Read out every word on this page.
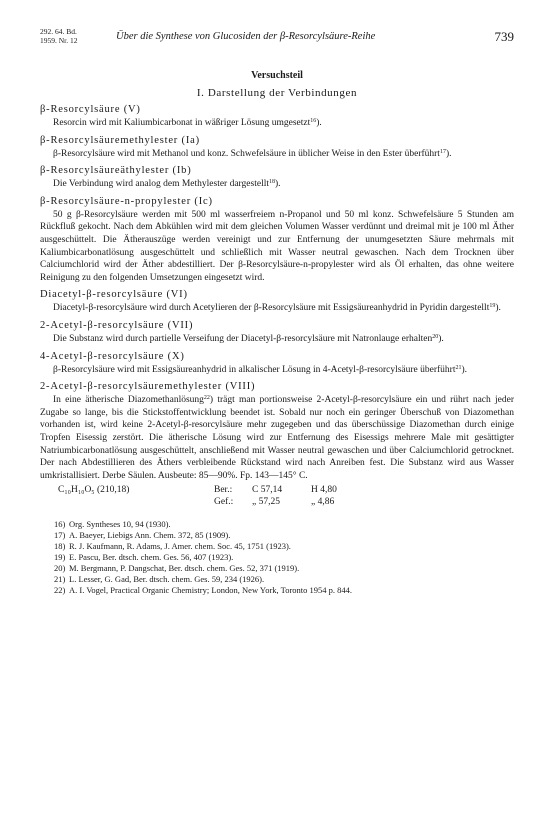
292. 64. Bd.
1959. Nr. 12	Über die Synthese von Glucosiden der β-Resorcylsäure-Reihe	739
Versuchsteil
I. Darstellung der Verbindungen
β-Resorcylsäure (V)

Resorcin wird mit Kaliumbicarbonat in wäßriger Lösung umgesetzt$^{16}$).

β-Resorcylsäuremethylester (Ia)

β-Resorcylsäure wird mit Methanol und konz. Schwefelsäure in üblicher Weise in den Ester überführt$^{17}$).

β-Resorcylsäureäthylester (Ib)

Die Verbindung wird analog dem Methylester dargestellt$^{18}$).

β-Resorcylsäure-n-propylester (Ic)

50 g β-Resorcylsäure werden mit 500 ml wasserfreiem n-Propanol und 50 ml konz. Schwefelsäure 5 Stunden am Rückfluß gekocht. Nach dem Abkühlen wird mit dem gleichen Volumen Wasser verdünnt und dreimal mit je 100 ml Äther ausgeschüttelt. Die Ätherauszüge werden vereinigt und zur Entfernung der unumgesetzten Säure mehrmals mit Kaliumbicarbonatlösung ausgeschüttelt und schließlich mit Wasser neutral gewaschen. Nach dem Trocknen über Calciumchlorid wird der Äther abdestilliert. Der β-Resorcylsäure-n-propylester wird als Öl erhalten, das ohne weitere Reinigung zu den folgenden Umsetzungen eingesetzt wird.

Diacetyl-β-resorcylsäure (VI)

Diacetyl-β-resorcylsäure wird durch Acetylieren der β-Resorcylsäure mit Essigsäureanhydrid in Pyridin dargestellt$^{19}$).

2-Acetyl-β-resorcylsäure (VII)

Die Substanz wird durch partielle Verseifung der Diacetyl-β-resorcylsäure mit Natronlauge erhalten$^{20}$).

4-Acetyl-β-resorcylsäure (X)

β-Resorcylsäure wird mit Essigsäureanhydrid in alkalischer Lösung in 4-Acetyl-β-resorcylsäure überführt$^{21}$).

2-Acetyl-β-resorcylsäuremethylester (VIII)

In eine ätherische Diazomethanlösung$^{22}$) trägt man portionsweise 2-Acetyl-β-resorcylsäure ein und rührt nach jeder Zugabe so lange, bis die Stickstoffentwicklung beendet ist. Sobald nur noch ein geringer Überschuß von Diazomethan vorhanden ist, wird keine 2-Acetyl-β-resorcylsäure mehr zugegeben und das überschüssige Diazomethan durch einige Tropfen Eisessig zerstört. Die ätherische Lösung wird zur Entfernung des Eisessigs mehrere Male mit gesättigter Natriumbicarbonatlösung ausgeschüttelt, anschließend mit Wasser neutral gewaschen und über Calciumchlorid getrocknet. Der nach Abdestillieren des Äthers verbleibende Rückstand wird nach Anreiben fest. Die Substanz wird aus Wasser umkristallisiert. Derbe Säulen. Ausbeute: 85—90%. Fp. 143—145° C.

C₁₀H₁₀O₅ (210,18)	Ber.: C 57,14	H 4,80
Gef.: „ 57,25	„ 4,86
16) Org. Syntheses 10, 94 (1930).
17) A. Baeyer, Liebigs Ann. Chem. 372, 85 (1909).
18) R. J. Kaufmann, R. Adams, J. Amer. chem. Soc. 45, 1751 (1923).
19) E. Pascu, Ber. dtsch. chem. Ges. 56, 407 (1923).
20) M. Bergmann, P. Dangschat, Ber. dtsch. chem. Ges. 52, 371 (1919).
21) L. Lesser, G. Gad, Ber. dtsch. chem. Ges. 59, 234 (1926).
22) A. I. Vogel, Practical Organic Chemistry; London, New York, Toronto 1954 p. 844.
